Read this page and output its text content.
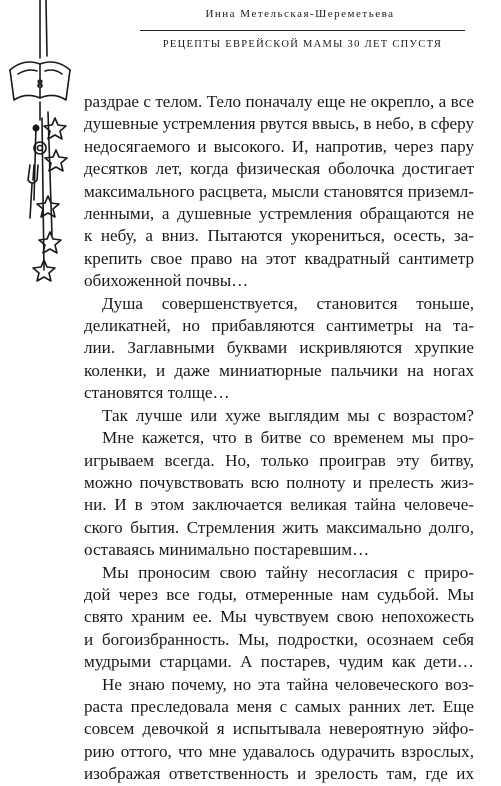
Инна Метельская-Шереметьева
РЕЦЕПТЫ ЕВРЕЙСКОЙ МАМЫ 30 ЛЕТ СПУСТЯ
8
раздрае с телом. Тело поначалу еще не окрепло, а все
душевные устремления рвутся ввысь, в небо, в сферу
недосягаемого и высокого. И, напротив, через пару
десятков лет, когда физическая оболочка достигает
максимального расцвета, мысли становятся приземл-
ленными, а душевные устремления обращаются не
к небу, а вниз. Пытаются укорениться, осесть, за-
крепить свое право на этот квадратный сантиметр
обихоженной почвы…
Душа совершенствуется, становится тоньше,
деликатней, но прибавляются сантиметры на та-
лии. Заглавными буквами искривляются хрупкие
коленки, и даже миниатюрные пальчики на ногах
становятся толще…
Так лучше или хуже выглядим мы с возрастом?
Мне кажется, что в битве со временем мы про-
игрываем всегда. Но, только проиграв эту битву,
можно почувствовать всю полноту и прелесть жиз-
ни. И в этом заключается великая тайна человече-
ского бытия. Стремления жить максимально долго,
оставаясь минимально постаревшим…
Мы проносим свою тайну несогласия с приро-
дой через все годы, отмеренные нам судьбой. Мы
свято храним ее. Мы чувствуем свою непохожесть
и богоизбранность. Мы, подростки, осознаем себя
мудрыми старцами. А постарев, чудим как дети…
Не знаю почему, но эта тайна человеческого воз-
раста преследовала меня с самых ранних лет. Еще
совсем девочкой я испытывала невероятную эйфо-
рию оттого, что мне удавалось одурачить взрослых,
изображая ответственность и зрелость там, где их
